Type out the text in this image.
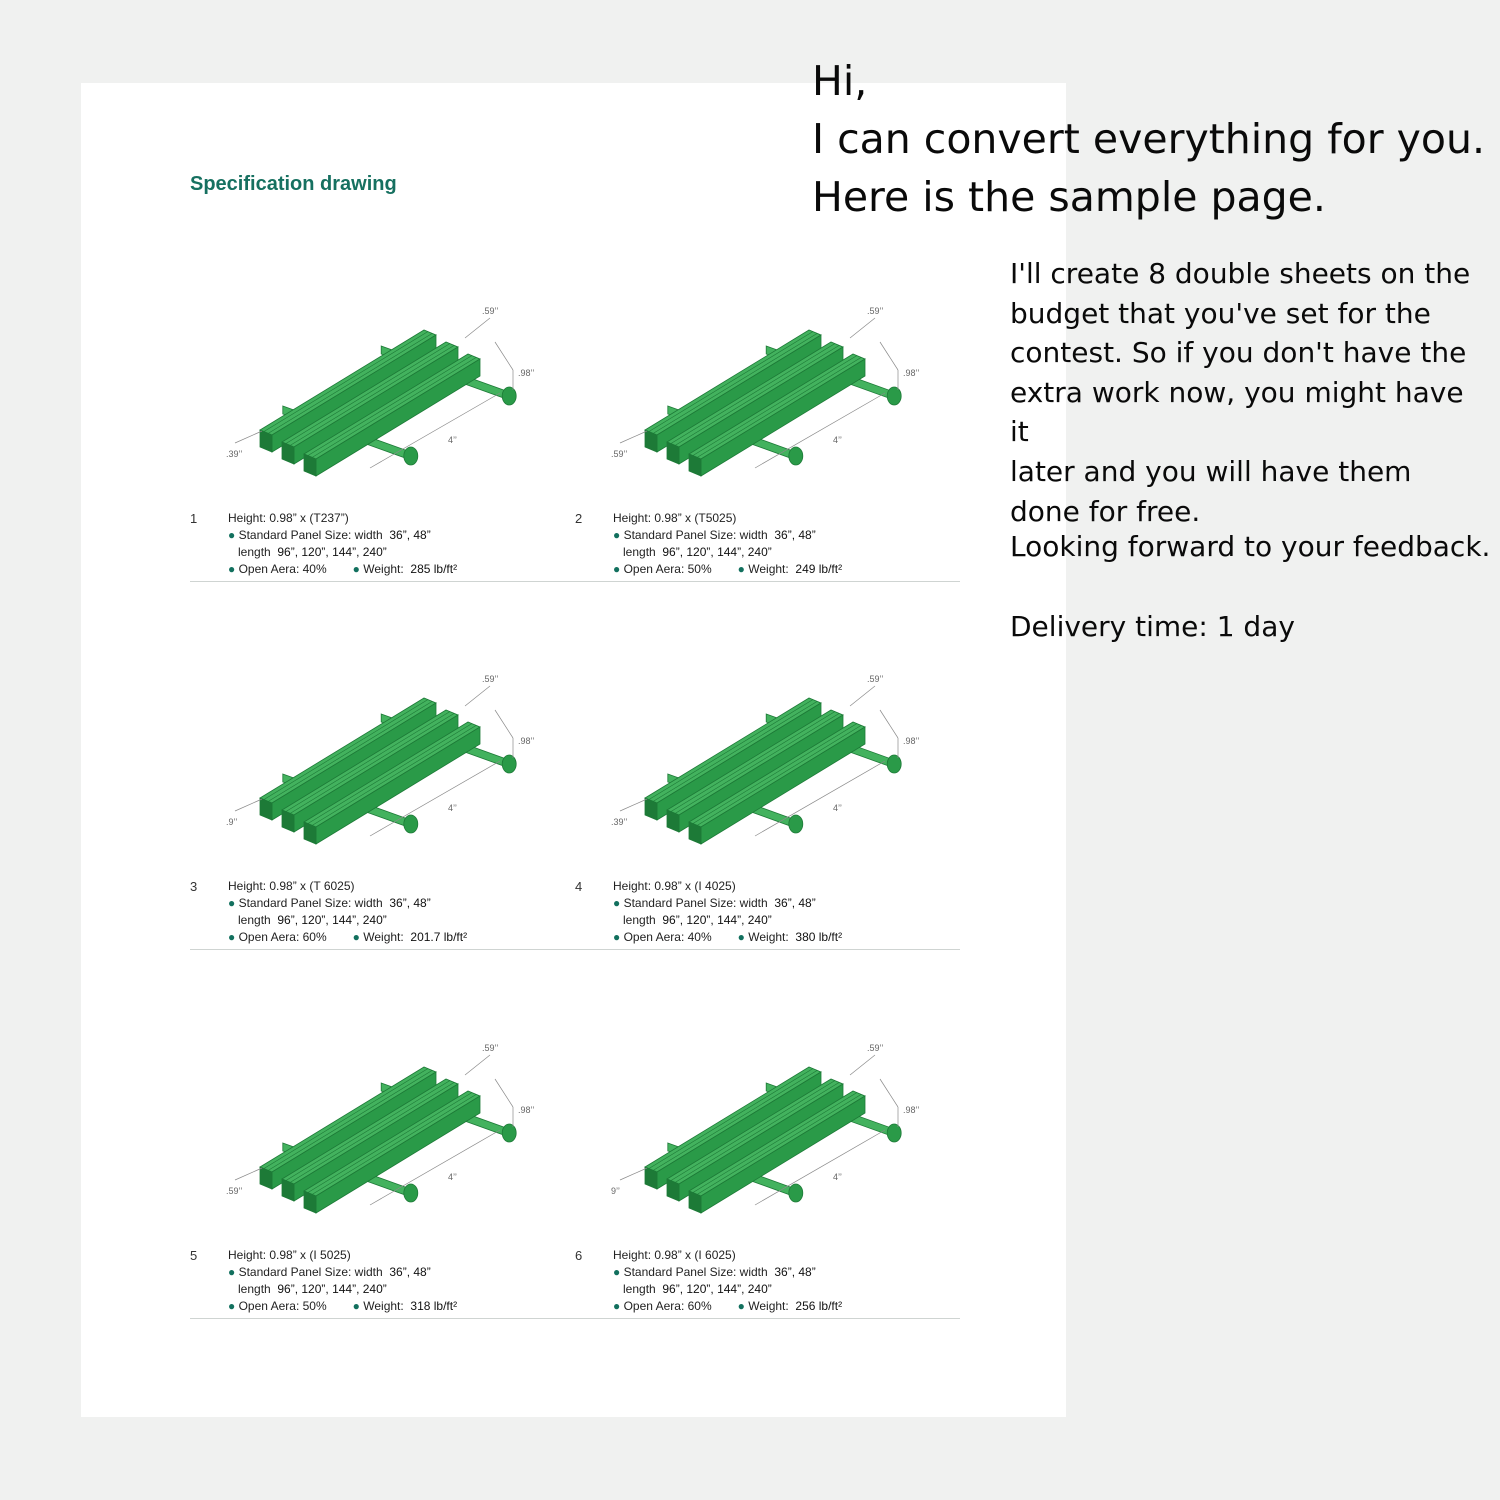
Specification drawing
.59’’
.98’’
4’’
.39’’
1	Height: 0.98” x (T237”)
● Standard Panel Size: width 36”, 48”
length 96”, 120”, 144”, 240”
● Open Aera: 40% ● Weight: 285 lb/ft²
.59’’
.98’’
4’’
.59’’
2	Height: 0.98” x (T5025)
● Standard Panel Size: width 36”, 48”
length 96”, 120”, 144”, 240”
● Open Aera: 50% ● Weight: 249 lb/ft²
.59’’
.98’’
4’’
.9’’
3	Height: 0.98” x (T 6025)
● Standard Panel Size: width 36”, 48”
length 96”, 120”, 144”, 240”
● Open Aera: 60% ● Weight: 201.7 lb/ft²
.59’’
.98’’
4’’
.39’’
4	Height: 0.98” x (I 4025)
● Standard Panel Size: width 36”, 48”
length 96”, 120”, 144”, 240”
● Open Aera: 40% ● Weight: 380 lb/ft²
.59’’
.98’’
4’’
.59’’
5	Height: 0.98” x (I 5025)
● Standard Panel Size: width 36”, 48”
length 96”, 120”, 144”, 240”
● Open Aera: 50% ● Weight: 318 lb/ft²
.59’’
.98’’
4’’
9’’
6	Height: 0.98” x (I 6025)
● Standard Panel Size: width 36”, 48”
length 96”, 120”, 144”, 240”
● Open Aera: 60% ● Weight: 256 lb/ft²
Hi,
I can convert everything for you.
Here is the sample page.

I'll create 8 double sheets on the

budget that you've set for the

contest. So if you don't have the

extra work now, you might have it

later and you will have them

done for free.

Looking forward to your feedback.
Delivery time: 1 day
